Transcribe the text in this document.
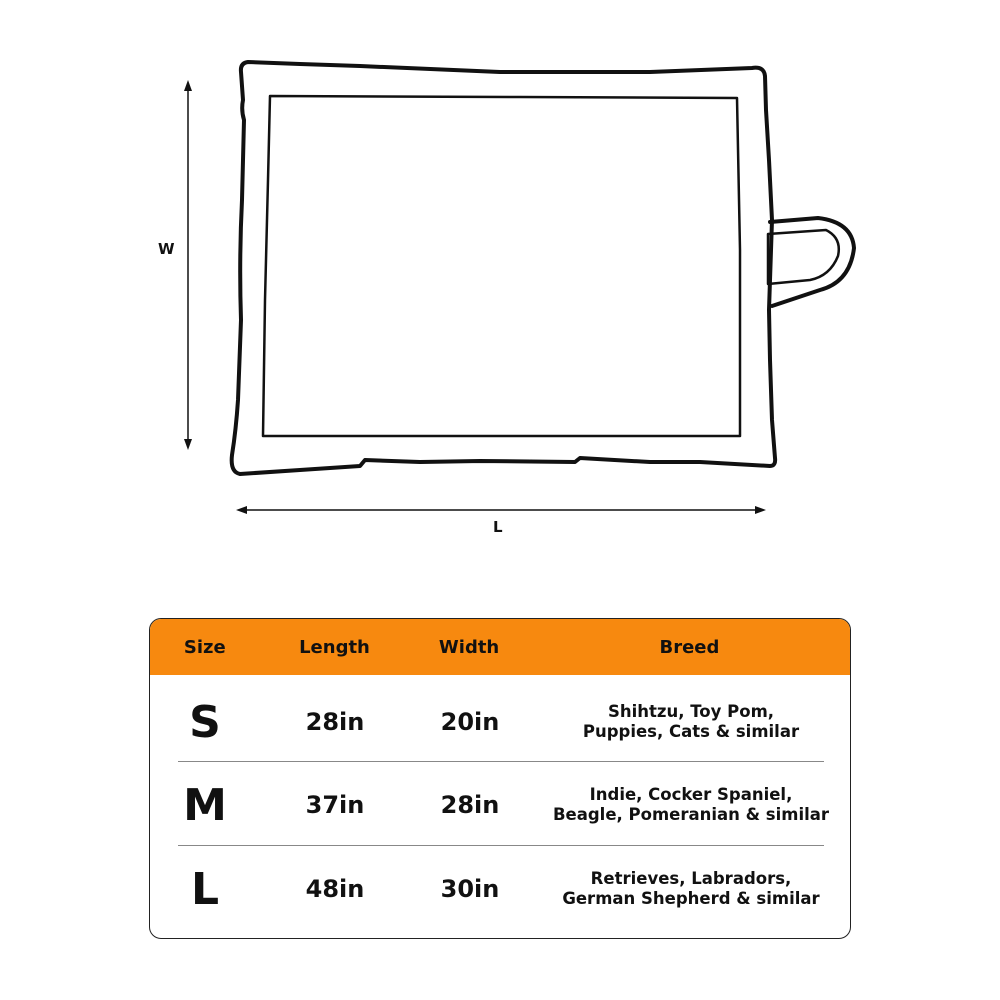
W
L
Size	Length	Width	Breed
S	28in	20in	Shihtzu, Toy Pom,
Puppies, Cats & similar
M	37in	28in	Indie, Cocker Spaniel,
Beagle, Pomeranian & similar
L	48in	30in	Retrieves, Labradors,
German Shepherd & similar
